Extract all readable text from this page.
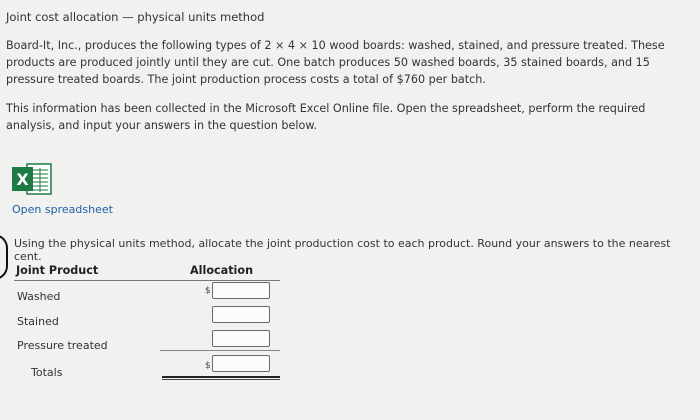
Joint cost allocation — physical units method
Board-It, Inc., produces the following types of 2 × 4 × 10 wood boards: washed, stained, and pressure treated. These products are produced jointly until they are cut. One batch produces 50 washed boards, 35 stained boards, and 15 pressure treated boards. The joint production process costs a total of $760 per batch.
This information has been collected in the Microsoft Excel Online file. Open the spreadsheet, perform the required analysis, and input your answers in the question below.
X
Open spreadsheet
Using the physical units method, allocate the joint production cost to each product. Round your answers to the nearest cent.
Joint Product	Allocation
Washed
Stained
Pressure treated
Totals
$
$
